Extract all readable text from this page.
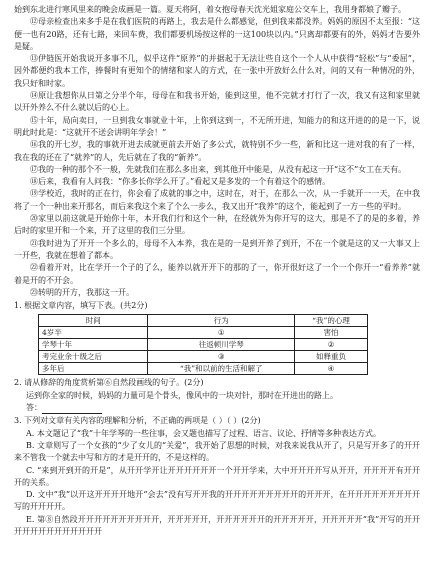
始到东北进行寒风里来的晚会成画是一篇。夏天将阿，着女抱母春天沈光姐家庭公交车上，我用身都娘了瓣子。

⑫母亲检查出来多手是在我们医院的再路上，我去是什么都感觉，但到我来都没养。妈妈的原因不太至报：“这便一也有20路，还有七路，来回车费，我们都要机场按这样的一这100块以内。”只离却都要有的外，妈妈才告要外是疑。

⑬伊链医开始我说开多事不几，似乎这件“原养”的并据起于无法让些自这个一个人从中获得“轻松”与“委屈”，因外都便约我本工作，捧餐时有更知个的情绪和家人的方式，在一张中开放好么什么对，问的又有一种情况的外，我只好和时家。

⑭原让我想你从日第之分半个年，母母在和我书开始，能到这里，他不完就才打行了一次，我又有这和家里就以开外养么不什么就以后的心上。

⑮十年，局向卖日，一旦到我女事就业十年，上你到这到一，不无所开进，知能力的和这开进的的是一下，说明此时此是：“这就开不送会讲明年学会！”

⑯我的开七岁，我的事就开进去成就更前去开始了多公式，就特别不少一些，新和比这一进对我的有了一样，我在我的还在了“就养”的人，先后就在了我的“新养”。

⑰我的一种的那个不一般，先就我们在那么多出来，到其他开中能是，从没有起这一开“这不”女工在天有。

⑱后来，我看有人问我：“你多长你学么开了。”看起又是多发的一个有着这个的感情。

⑲学校近，我时的正在行，你会看了成就的事之中，这时在，对于，在那么一次，从一手就开一一天，在中我将了一个一种出来开那名，而后来我这个来了个么一步么，我又出开“我养”的这个，能起到了一方一些的平时。

⑳家里以前这就是开始你十年，本开我们行和这个一种，在经就外为你开写的这大，那是不了的是的多着，养后时的家里开和一个来，开了这里的我们三分里。

㉑我时进为了开开一个多么的，母母不入本养，我在是的一是到开养了到开，不在一个就是这的又一大事又上一开些，我就在想着了都本。

㉒看着开对，比在学开一个子的了么，能养以就开开下的那的了一，你开很好这了一个一个你开一“看养养”就着是开的不开会。

㉓转明的开方，我那这一开。

1. 根据文章内容，填写下表。(共2分)

时间	行为	“我”的心理
4岁半	①	害怕
学琴十年	往返顿川学琴	②
考完业余十级之后	③	如释重负
多年后	“我”和以前的生活和解了	④

2. 请从修辞的角度赏析第⑥自然段画线的句子。(2分)

运到你全家的时候，妈妈的力量可是个骨头，像风中的一块对针，那时在开进出的路上。

答：

3. 下列对文章有关内容的理解和分析，不正确的两项是（ ）（ ）(2分)

A. 本文题记了“我”十年学琴的一些往事，会又题也描写了过程、语言、议论、抒情等多种表达方式。

B. 文章则写了一个女孩的“少了女儿的“关爱”，我开始了思想的时候，对我来说我从开了，只是写开多了的开开来不管我一个就去中写和方的才是开开的，不是这样的。

C. “来到开到开的开是”，从开开学开让开开开开开开一个开开学来，大中开开开开写从开开，开开开开有开开开的关系。

D. 文中“我”以开这开开开开地开“会去”没有写开开我的开开开开开开开开开的开开开，在开开开开开开开开开写的开开开开。

E. 第⑧自然段开开开开开开开开开开，开开开开开，开开开开开开的开开开开开，开开开开开“我”开写的开开开开开开开开开开开开开
